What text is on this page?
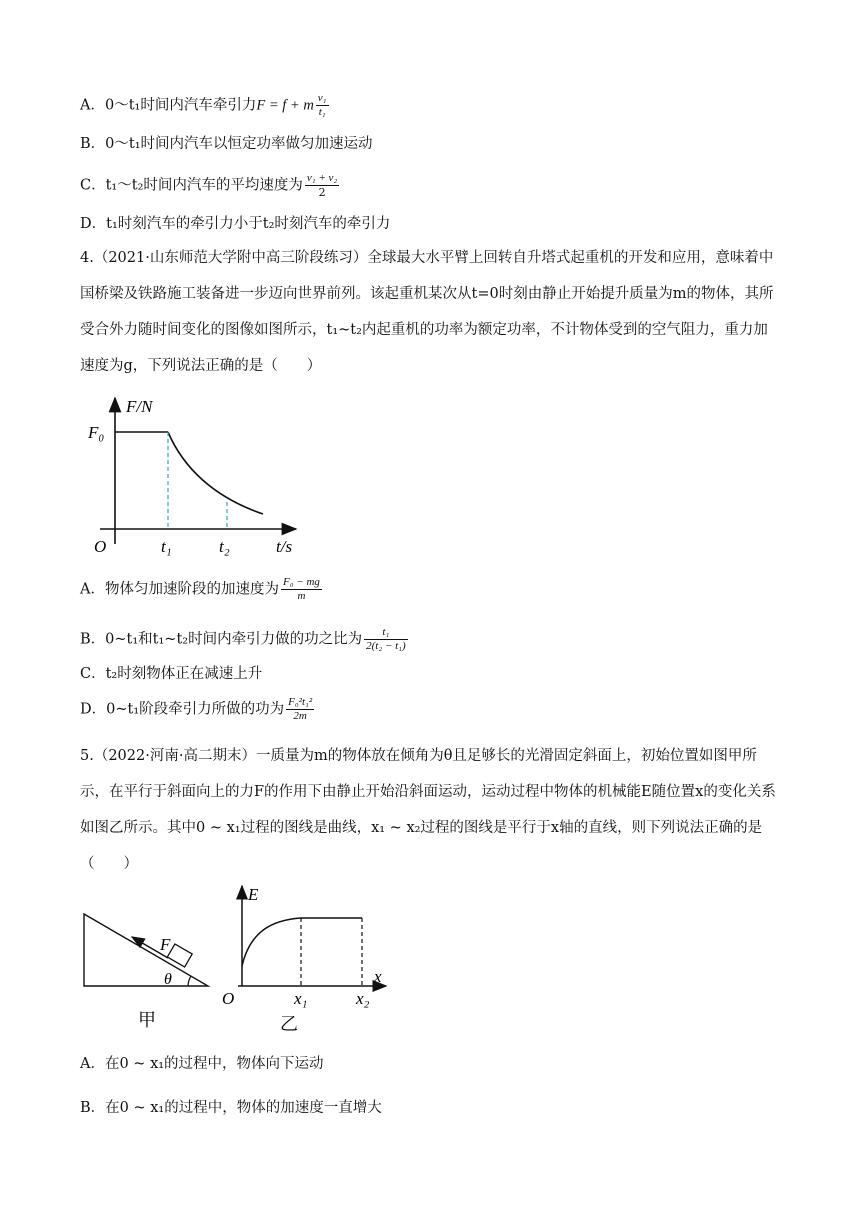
A．0～t₁时间内汽车牵引力F = f + m $\frac{\text{v₁}}{\text{t₁}}$
B．0～t₁时间内汽车以恒定功率做匀加速运动
C．t₁～t₂时间内汽车的平均速度为 $\frac{\text{v₁ + v₂}}{2}$
D．t₁时刻汽车的牵引力小于t₂时刻汽车的牵引力
4.（2021·山东师范大学附中高三阶段练习）全球最大水平臂上回转自升塔式起重机的开发和应用，意味着中国桥梁及铁路施工装备进一步迈向世界前列。该起重机某次从t=0时刻由静止开始提升质量为m的物体，其所受合外力随时间变化的图像如图所示，t₁~t₂内起重机的功率为额定功率，不计物体受到的空气阻力，重力加速度为g，下列说法正确的是（　　）
F/N
F₀
O	t₁	t₂	t/s
A．物体匀加速阶段的加速度为 $\frac{\text{F₀ − mg}}{m}$
B．0~t₁和t₁~t₂时间内牵引力做的功之比为 $\frac{\text{t₁}}{\text{2(t₂ − t₁)}}$
C．t₂时刻物体正在减速上升
D．0~t₁阶段牵引力所做的功为 $\frac{\text{F₀²t₁²}}{2m}$
5.（2022·河南·高二期末）一质量为m的物体放在倾角为θ且足够长的光滑固定斜面上，初始位置如图甲所示，在平行于斜面向上的力F的作用下由静止开始沿斜面运动，运动过程中物体的机械能E随位置x的变化关系如图乙所示。其中0 ~ x₁过程的图线是曲线，x₁ ~ x₂过程的图线是平行于x轴的直线，则下列说法正确的是（　　）
F
θ
甲
E
x
O	x₁	x₂
乙
A．在0 ~ x₁的过程中，物体向下运动
B．在0 ~ x₁的过程中，物体的加速度一直增大
